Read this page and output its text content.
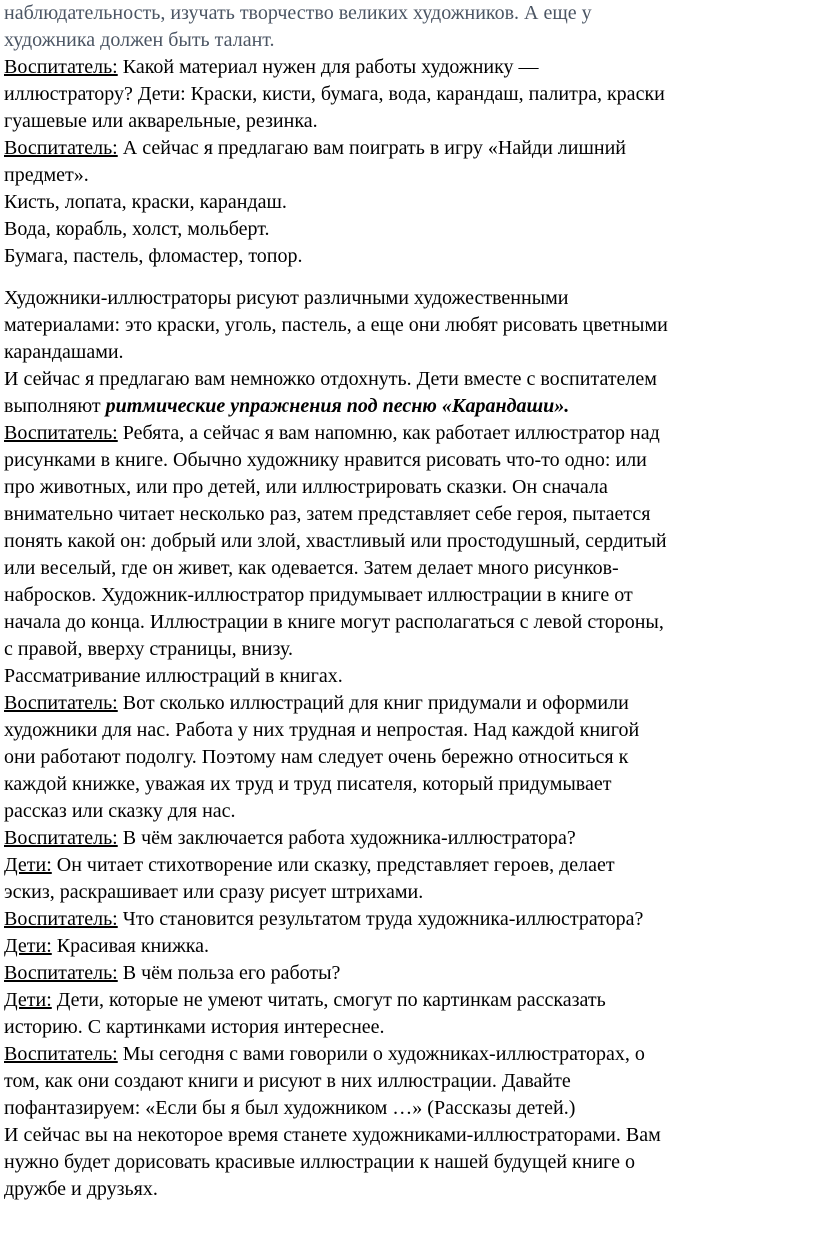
наблюдательность, изучать творчество великих художников. А еще у
художника должен быть талант.

Воспитатель: Какой материал нужен для работы художнику —
иллюстратору? Дети: Краски, кисти, бумага, вода, карандаш, палитра, краски
гуашевые или акварельные, резинка.

Воспитатель: А сейчас я предлагаю вам поиграть в игру «Найди лишний
предмет».

Кисть, лопата, краски, карандаш.

Вода, корабль, холст, мольберт.

Бумага, пастель, фломастер, топор.

Художники-иллюстраторы рисуют различными художественными
материалами: это краски, уголь, пастель, а еще они любят рисовать цветными
карандашами.

И сейчас я предлагаю вам немножко отдохнуть. Дети вместе с воспитателем
выполняют ритмические упражнения под песню «Карандаши».

Воспитатель: Ребята, а сейчас я вам напомню, как работает иллюстратор над
рисунками в книге. Обычно художнику нравится рисовать что-то одно: или
про животных, или про детей, или иллюстрировать сказки. Он сначала
внимательно читает несколько раз, затем представляет себе героя, пытается
понять какой он: добрый или злой, хвастливый или простодушный, сердитый
или веселый, где он живет, как одевается. Затем делает много рисунков-
набросков. Художник-иллюстратор придумывает иллюстрации в книге от
начала до конца. Иллюстрации в книге могут располагаться с левой стороны,
с правой, вверху страницы, внизу.

Рассматривание иллюстраций в книгах.

Воспитатель: Вот сколько иллюстраций для книг придумали и оформили
художники для нас. Работа у них трудная и непростая. Над каждой книгой
они работают подолгу. Поэтому нам следует очень бережно относиться к
каждой книжке, уважая их труд и труд писателя, который придумывает
рассказ или сказку для нас.

Воспитатель: В чём заключается работа художника-иллюстратора?

Дети: Он читает стихотворение или сказку, представляет героев, делает
эскиз, раскрашивает или сразу рисует штрихами.

Воспитатель: Что становится результатом труда художника-иллюстратора?

Дети: Красивая книжка.

Воспитатель: В чём польза его работы?

Дети: Дети, которые не умеют читать, смогут по картинкам рассказать
историю. С картинками история интереснее.

Воспитатель: Мы сегодня с вами говорили о художниках-иллюстраторах, о
том, как они создают книги и рисуют в них иллюстрации. Давайте
пофантазируем: «Если бы я был художником …» (Рассказы детей.)

И сейчас вы на некоторое время станете художниками-иллюстраторами. Вам
нужно будет дорисовать красивые иллюстрации к нашей будущей книге о
дружбе и друзьях.
